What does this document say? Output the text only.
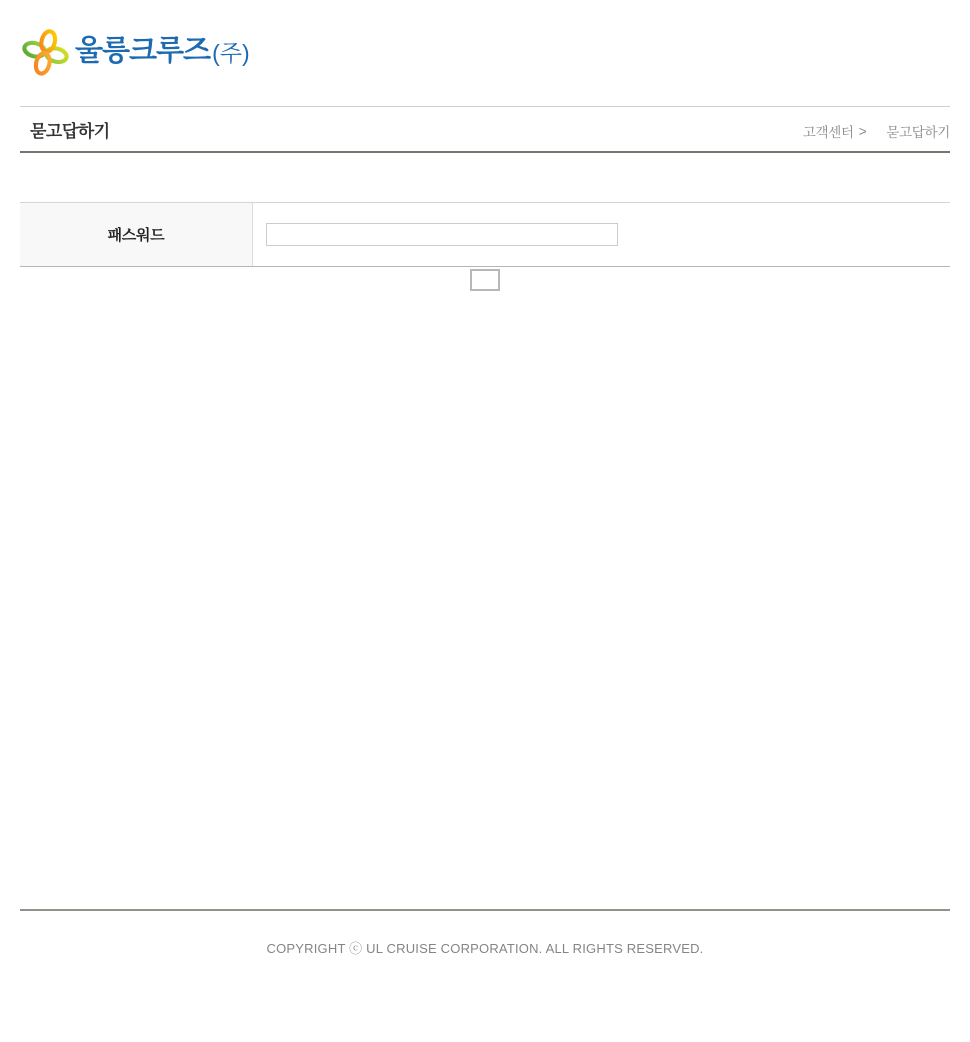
울릉크루즈 (주)
묻고답하기	고객센터 > 묻고답하기
패스워드
COPYRIGHT ⓒ UL CRUISE CORPORATION. ALL RIGHTS RESERVED.
